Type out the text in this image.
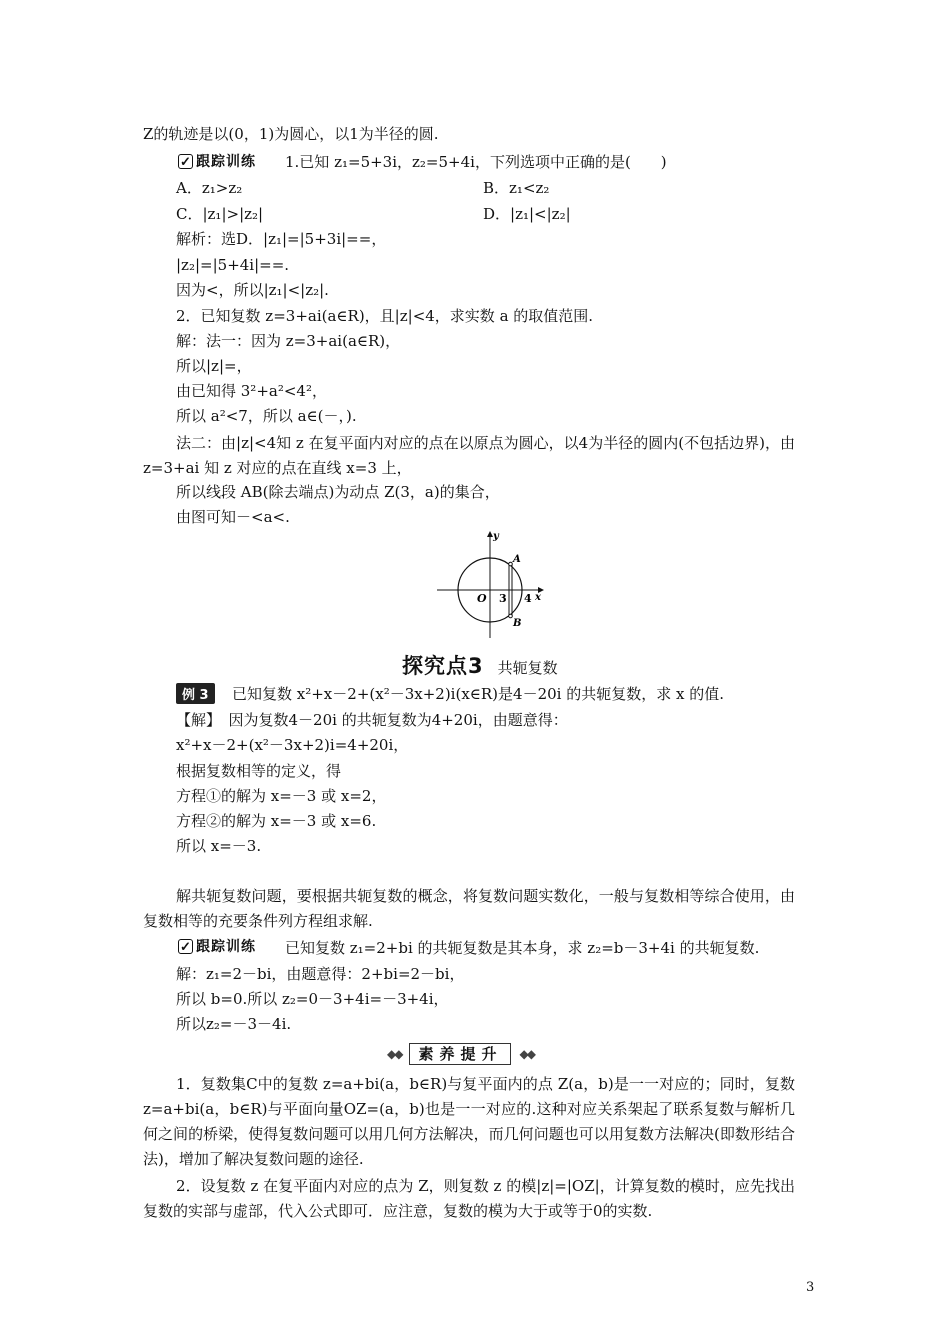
Z的轨迹是以(0，1)为圆心，以1为半径的圆.
✓ 跟踪训练 1.已知 z₁=5+3i，z₂=5+4i，下列选项中正确的是(　　)
A．z₁>z₂	B．z₁<z₂
C．|z₁|>|z₂|	D．|z₁|<|z₂|
解析：选D．|z₁|=|5+3i|==，
|z₂|=|5+4i|==.
因为<，所以|z₁|<|z₂|.
2．已知复数 z=3+ai(a∈R)，且|z|<4，求实数 a 的取值范围.
解：法一：因为 z=3+ai(a∈R)，
所以|z|=，
由已知得 3²+a²<4²，
所以 a²<7，所以 a∈(－，).
法二：由|z|<4知 z 在复平面内对应的点在以原点为圆心，以4为半径的圆内(不包括边界)，由 z=3+ai 知 z 对应的点在直线 x=3 上，
所以线段 AB(除去端点)为动点 Z(3，a)的集合，
由图可知－<a<.
y
x
O 3 4
A
B
探究点3 共轭复数
例 3	已知复数 x²+x－2+(x²－3x+2)i(x∈R)是4－20i 的共轭复数，求 x 的值.
【解】　因为复数4－20i 的共轭复数为4+20i，由题意得：
x²+x－2+(x²－3x+2)i=4+20i，
根据复数相等的定义，得
方程①的解为 x=－3 或 x=2，
方程②的解为 x=－3 或 x=6.
所以 x=－3.
解共轭复数问题，要根据共轭复数的概念，将复数问题实数化，一般与复数相等综合使用，由复数相等的充要条件列方程组求解.
✓ 跟踪训练 已知复数 z₁=2+bi 的共轭复数是其本身，求 z₂=b－3+4i 的共轭复数.
解：z₁=2－bi，由题意得：2+bi=2－bi，
所以 b=0.所以 z₂=0－3+4i=－3+4i，
所以z₂=－3－4i.
◆◆	素养提升	◆◆
1．复数集C中的复数 z=a+bi(a，b∈R)与复平面内的点 Z(a，b)是一一对应的；同时，复数 z=a+bi(a，b∈R)与平面向量OZ=(a，b)也是一一对应的.这种对应关系架起了联系复数与解析几何之间的桥梁，使得复数问题可以用几何方法解决，而几何问题也可以用复数方法解决(即数形结合法)，增加了解决复数问题的途径.
2．设复数 z 在复平面内对应的点为 Z，则复数 z 的模|z|=|OZ|，计算复数的模时，应先找出复数的实部与虚部，代入公式即可．应注意，复数的模为大于或等于0的实数.
3
